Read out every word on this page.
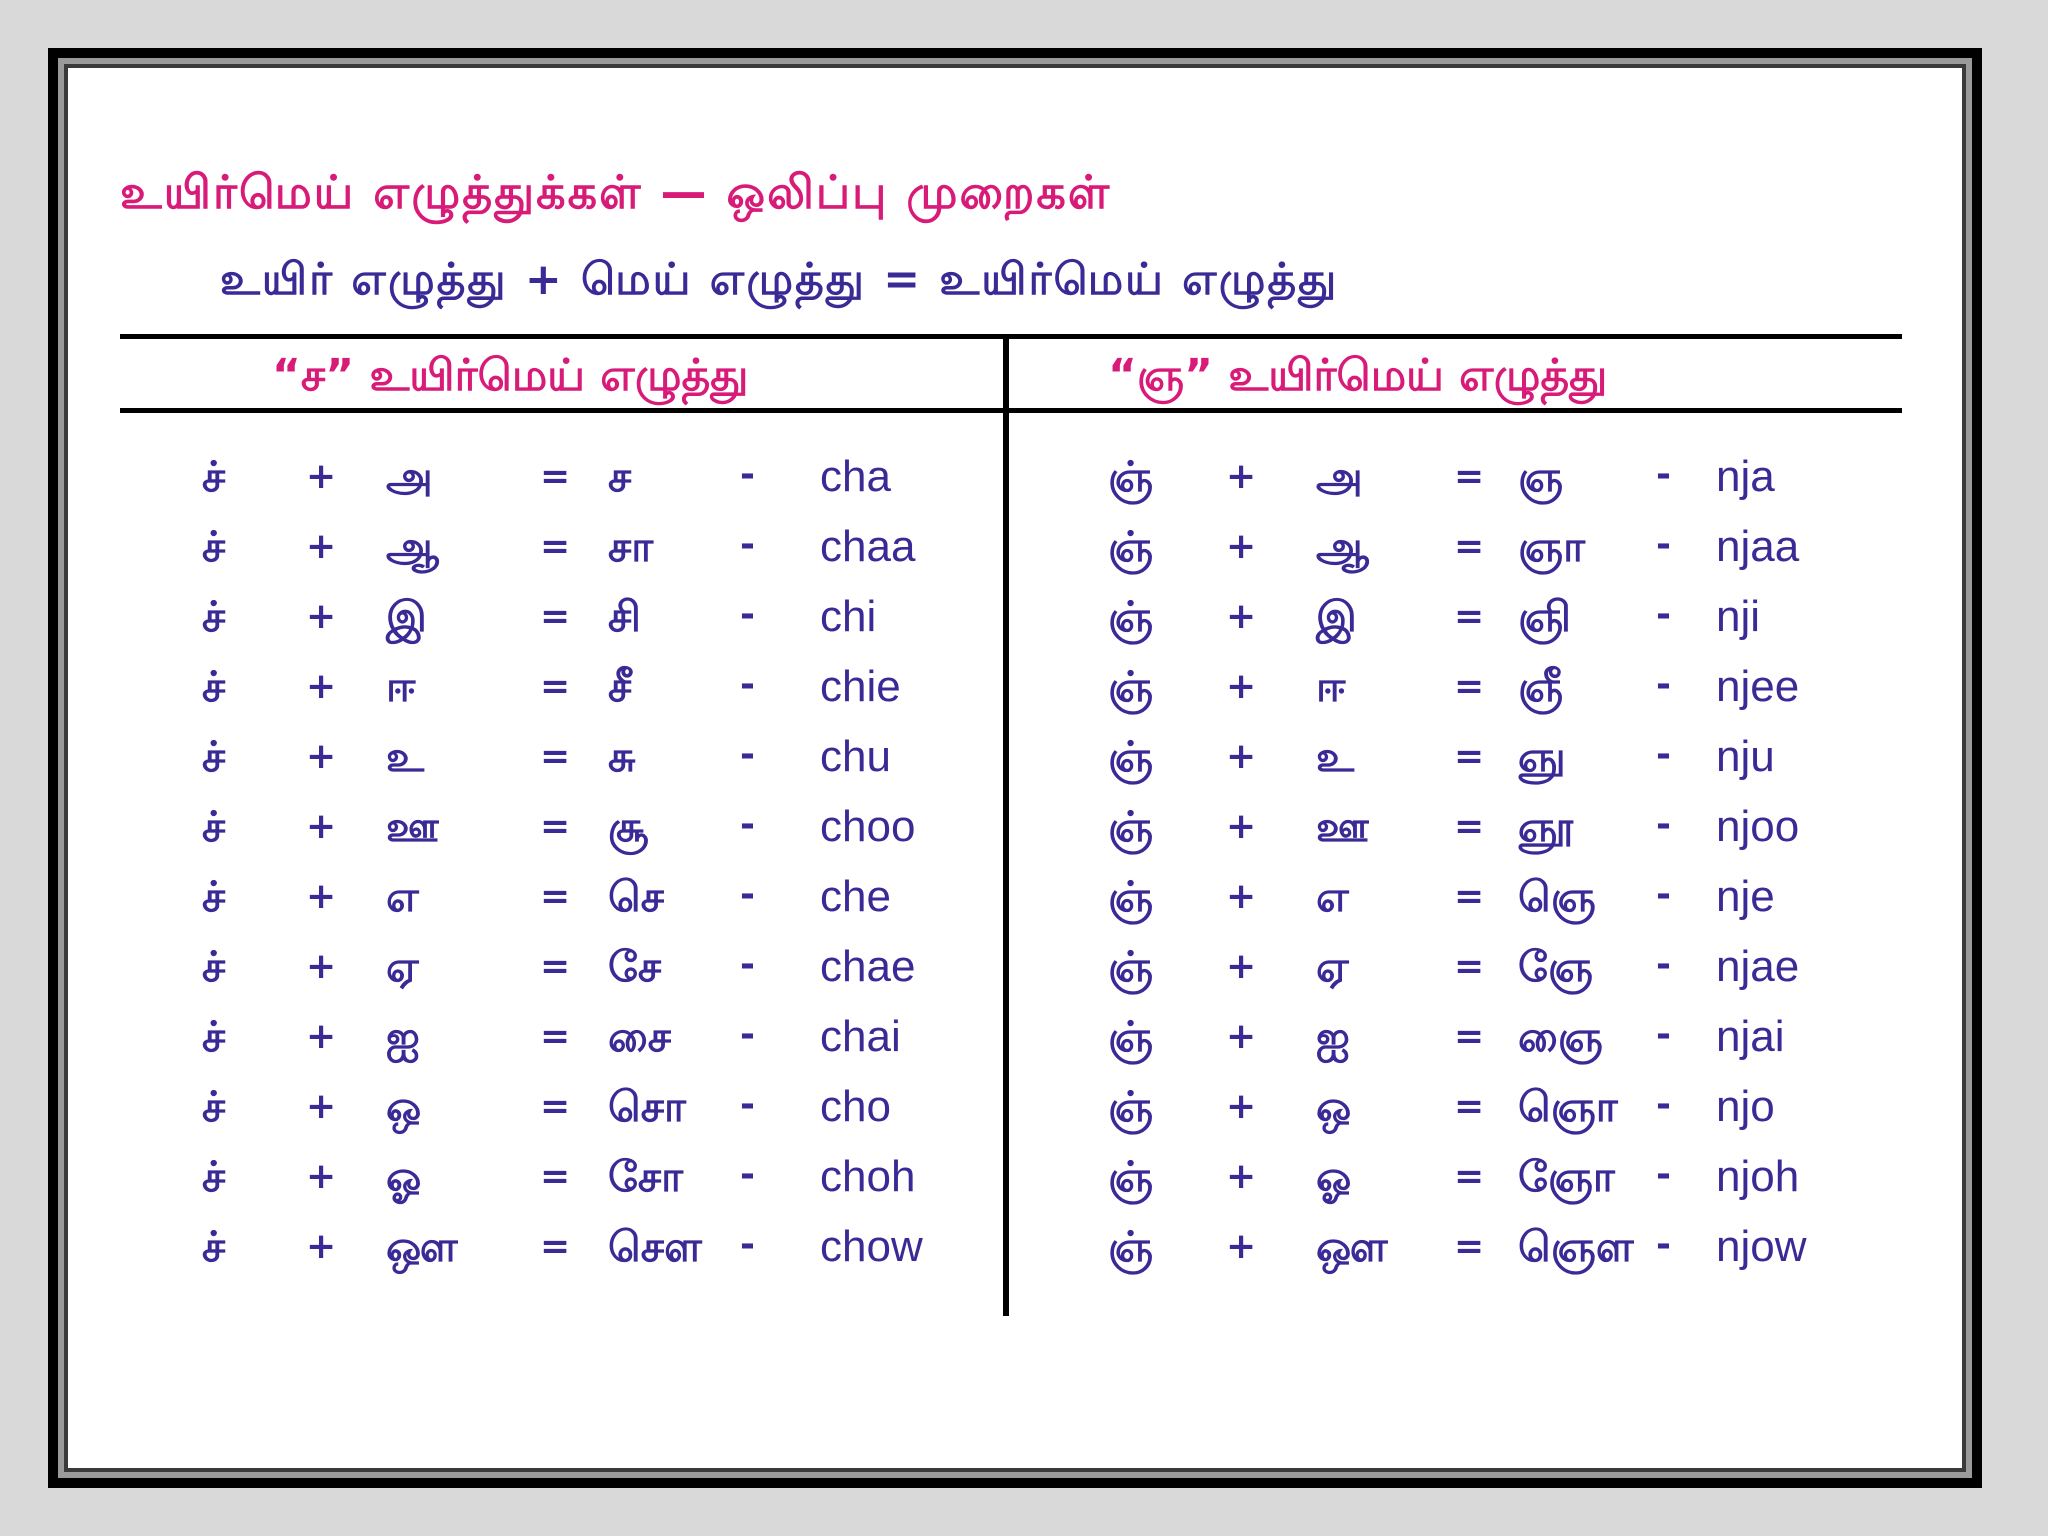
உயிர்மெய் எழுத்துக்கள் — ஒலிப்பு முறைகள்
உயிர் எழுத்து + மெய் எழுத்து = உயிர்மெய் எழுத்து
“ச” உயிர்மெய் எழுத்து	“ஞ” உயிர்மெய் எழுத்து
ச் + அ	= ச	- cha
ச் + ஆ	= சா - chaa
ச் + இ	= சி	- chi
ச் + ஈ	= சீ	- chie
ச் + உ	= சு	- chu
ச் + ஊ	= சூ	- choo
ச் + எ	= செ - che
ச் + ஏ	= சே - chae
ச் + ஐ	= சை - chai
ச் + ஒ	= சொ - cho
ச் + ஓ	= சோ - choh
ச் + ஔ = சௌ - chow
ஞ் + அ	= ஞ	- nja
ஞ் + ஆ = ஞா - njaa
ஞ் + இ	= ஞி - nji
ஞ் + ஈ	= ஞீ	- njee
ஞ் + உ	= ஞு	- nju
ஞ் + ஊ = ஞூ - njoo
ஞ் + எ	= ஞெ - nje
ஞ் + ஏ	= ஞே - njae
ஞ் + ஐ	= ஞை - njai
ஞ் + ஒ	= ஞொ - njo
ஞ் + ஓ	= ஞோ - njoh
ஞ் + ஔ = ஞௌ - njow
